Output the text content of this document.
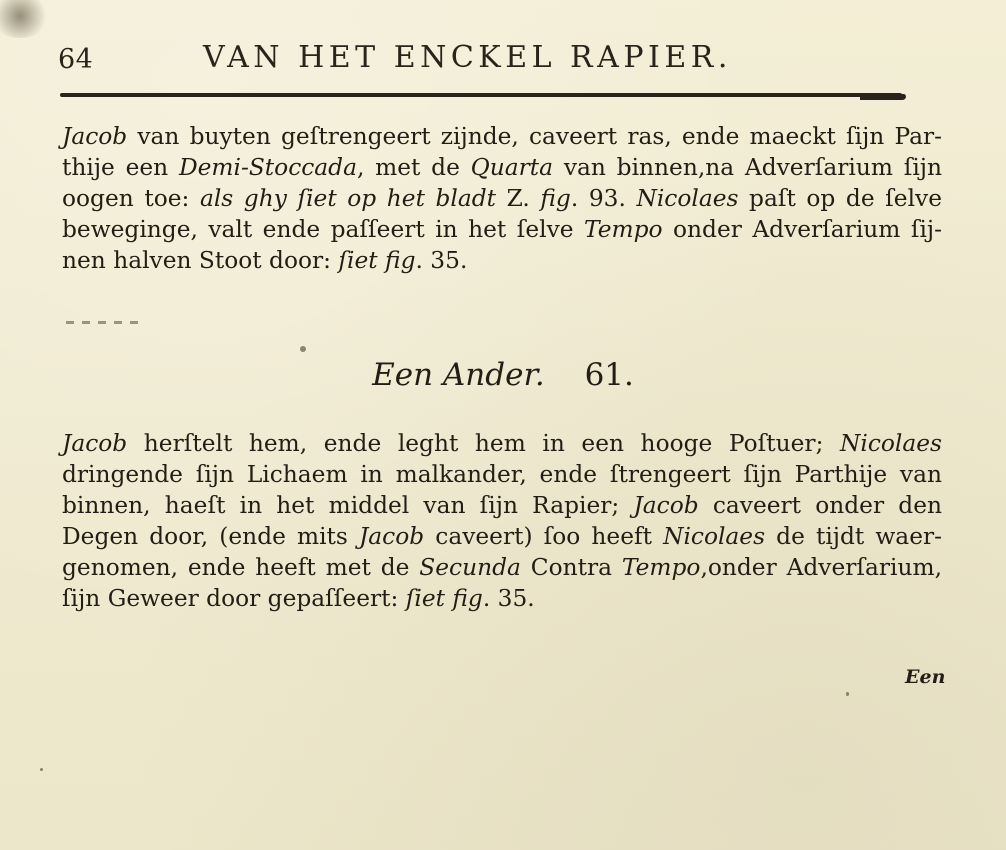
64	VAN HET ENCKEL RAPIER.
Jacob van buyten geſtrengeert zijnde, caveert ras, ende maeckt ſijn Par-
thije een Demi-Stoccada, met de Quarta van binnen,na Adverſarium ſijn
oogen toe: als ghy ſiet op het bladt Z. fig. 93. Nicolaes paſt op de ſelve
beweginge, valt ende paſſeert in het ſelve Tempo onder Adverſarium ſij-
nen halven Stoot door: ſiet fig. 35.
Een Ander. 61.
Jacob herſtelt hem, ende leght hem in een hooge Poſtuer; Nicolaes
dringende ſijn Lichaem in malkander, ende ſtrengeert ſijn Parthije van
binnen, haeſt in het middel van ſijn Rapier; Jacob caveert onder den
Degen door, (ende mits Jacob caveert) ſoo heeft Nicolaes de tijdt waer-
genomen, ende heeft met de Secunda Contra Tempo,onder Adverſarium,
ſijn Geweer door gepaſſeert: ſiet fig. 35.
Een
